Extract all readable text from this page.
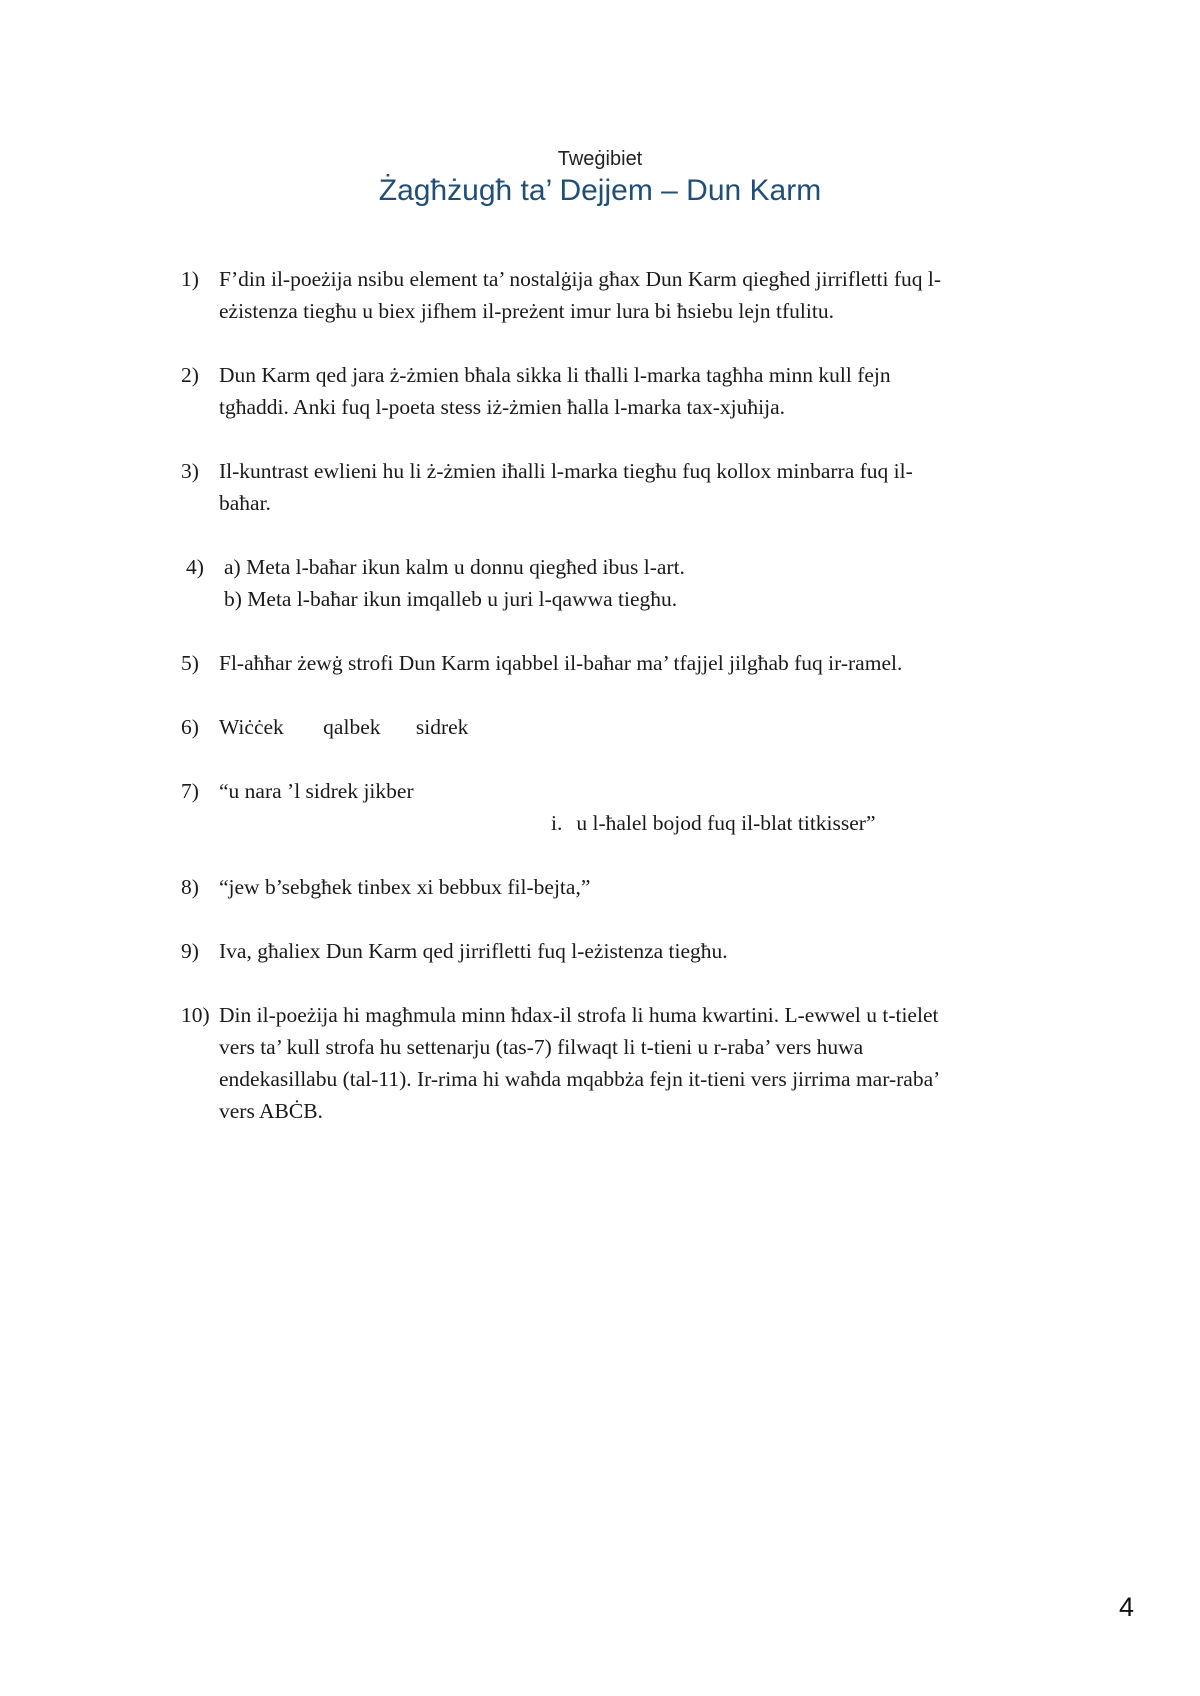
Tweġibiet
Żagħżugħ ta’ Dejjem – Dun Karm
1) F’din il-poeżija nsibu element ta’ nostalġija għax Dun Karm qiegħed jirrifletti fuq l-
eżistenza tiegħu u biex jifhem il-preżent imur lura bi ħsiebu lejn tfulitu.
2) Dun Karm qed jara ż-żmien bħala sikka li tħalli l-marka tagħha minn kull fejn
tgħaddi. Anki fuq l-poeta stess iż-żmien ħalla l-marka tax-xjuħija.
3) Il-kuntrast ewlieni hu li ż-żmien iħalli l-marka tiegħu fuq kollox minbarra fuq il-
baħar.
4) a) Meta l-baħar ikun kalm u donnu qiegħed ibus l-art.
b) Meta l-baħar ikun imqalleb u juri l-qawwa tiegħu.
5) Fl-aħħar żewġ strofi Dun Karm iqabbel il-baħar ma’ tfajjel jilgħab fuq ir-ramel.
6) Wiċċek qalbek sidrek
7) “u nara ’l sidrek jikber
i. u l-ħalel bojod fuq il-blat titkisser”
8) “jew b’sebgħek tinbex xi bebbux fil-bejta,”
9) Iva, għaliex Dun Karm qed jirrifletti fuq l-eżistenza tiegħu.
10) Din il-poeżija hi magħmula minn ħdax-il strofa li huma kwartini. L-ewwel u t-tielet
vers ta’ kull strofa hu settenarju (tas-7) filwaqt li t-tieni u r-raba’ vers huwa
endekasillabu (tal-11). Ir-rima hi waħda mqabbża fejn it-tieni vers jirrima mar-raba’
vers ABĊB.
4
